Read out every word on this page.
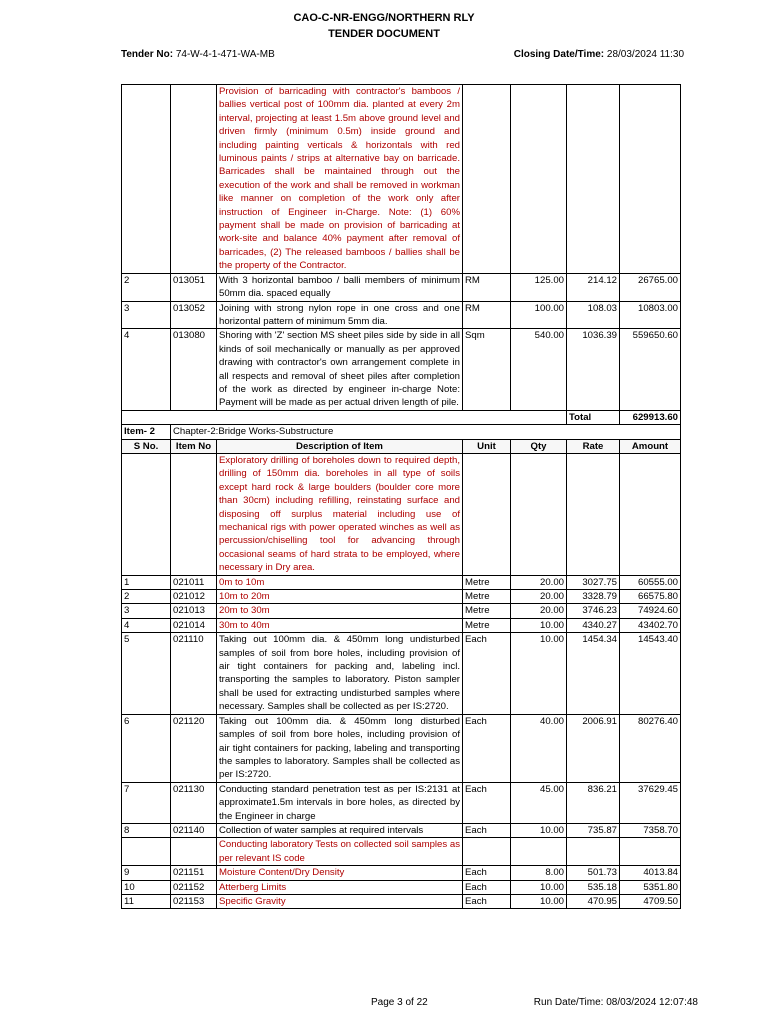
CAO-C-NR-ENGG/NORTHERN RLY
TENDER DOCUMENT
Tender No: 74-W-4-1-471-WA-MB	Closing Date/Time: 28/03/2024 11:30
		Provision of barricading with contractor's bamboos / ballies vertical post of 100mm dia. planted at every 2m interval, projecting at least 1.5m above ground level and driven firmly (minimum 0.5m) inside ground and including painting verticals & horizontals with red luminous paints / strips at alternative bay on barricade. Barricades shall be maintained through out the execution of the work and shall be removed in workman like manner on completion of the work only after instruction of Engineer in-Charge. Note: (1) 60% payment shall be made on provision of barricading at work-site and balance 40% payment after removal of barricades, (2) The released bamboos / ballies shall be the property of the Contractor.				
2	013051	With 3 horizontal bamboo / balli members of minimum 50mm dia. spaced equally	RM	125.00	214.12	26765.00
3	013052	Joining with strong nylon rope in one cross and one horizontal pattern of minimum 5mm dia.	RM	100.00	108.03	10803.00
4	013080	Shoring with 'Z' section MS sheet piles side by side in all kinds of soil mechanically or manually as per approved drawing with contractor's own arrangement complete in all respects and removal of sheet piles after completion of the work as directed by engineer in-charge Note: Payment will be made as per actual driven length of pile.	Sqm	540.00	1036.39	559650.60
					Total	629913.60
Item- 2	Chapter-2:Bridge Works-Substructure					
S No.	Item No	Description of Item	Unit	Qty	Rate	Amount
		Exploratory drilling of boreholes down to required depth, drilling of 150mm dia. boreholes in all type of soils except hard rock & large boulders (boulder core more than 30cm) including refilling, reinstating surface and disposing off surplus material including use of mechanical rigs with power operated winches as well as percussion/chiselling tool for advancing through occasional seams of hard strata to be employed, where necessary in Dry area.				
1	021011	0m to 10m	Metre	20.00	3027.75	60555.00
2	021012	10m to 20m	Metre	20.00	3328.79	66575.80
3	021013	20m to 30m	Metre	20.00	3746.23	74924.60
4	021014	30m to 40m	Metre	10.00	4340.27	43402.70
5	021110	Taking out 100mm dia. & 450mm long undisturbed samples of soil from bore holes, including provision of air tight containers for packing and, labeling incl. transporting the samples to laboratory. Piston sampler shall be used for extracting undisturbed samples where necessary. Samples shall be collected as per IS:2720.	Each	10.00	1454.34	14543.40
6	021120	Taking out 100mm dia. & 450mm long disturbed samples of soil from bore holes, including provision of air tight containers for packing, labeling and transporting the samples to laboratory. Samples shall be collected as per IS:2720.	Each	40.00	2006.91	80276.40
7	021130	Conducting standard penetration test as per IS:2131 at approximate1.5m intervals in bore holes, as directed by the Engineer in charge	Each	45.00	836.21	37629.45
8	021140	Collection of water samples at required intervals	Each	10.00	735.87	7358.70
		Conducting laboratory Tests on collected soil samples as per relevant IS code				
9	021151	Moisture Content/Dry Density	Each	8.00	501.73	4013.84
10	021152	Atterberg Limits	Each	10.00	535.18	5351.80
11	021153	Specific Gravity	Each	10.00	470.95	4709.50
Page 3 of 22	Run Date/Time: 08/03/2024 12:07:48
